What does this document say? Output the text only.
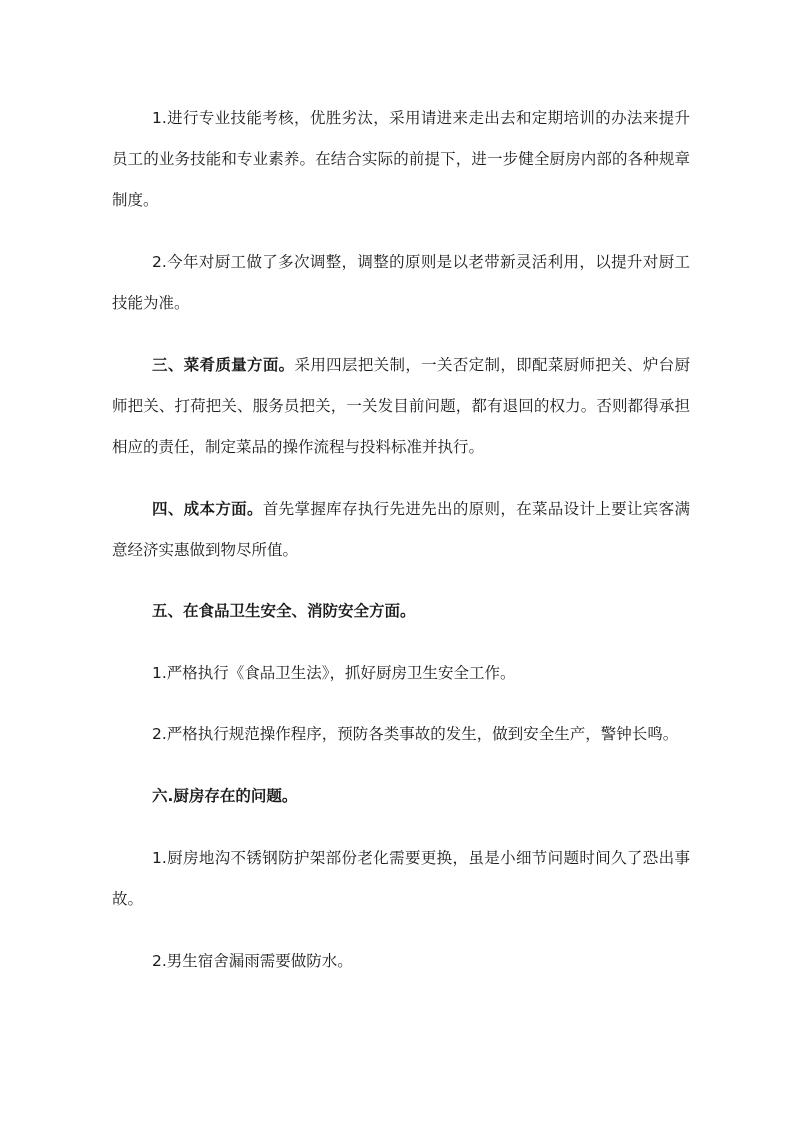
1.进行专业技能考核，优胜劣汰，采用请进来走出去和定期培训的办法来提升员工的业务技能和专业素养。在结合实际的前提下，进一步健全厨房内部的各种规章制度。

2.今年对厨工做了多次调整，调整的原则是以老带新灵活利用，以提升对厨工技能为准。

三、菜肴质量方面。采用四层把关制，一关否定制，即配菜厨师把关、炉台厨师把关、打荷把关、服务员把关，一关发目前问题，都有退回的权力。否则都得承担相应的责任，制定菜品的操作流程与投料标准并执行。

四、成本方面。首先掌握库存执行先进先出的原则，在菜品设计上要让宾客满意经济实惠做到物尽所值。

五、在食品卫生安全、消防安全方面。

1.严格执行《食品卫生法》，抓好厨房卫生安全工作。

2.严格执行规范操作程序，预防各类事故的发生，做到安全生产，警钟长鸣。

六.厨房存在的问题。

1.厨房地沟不锈钢防护架部份老化需要更换，虽是小细节问题时间久了恐出事故。

2.男生宿舍漏雨需要做防水。
